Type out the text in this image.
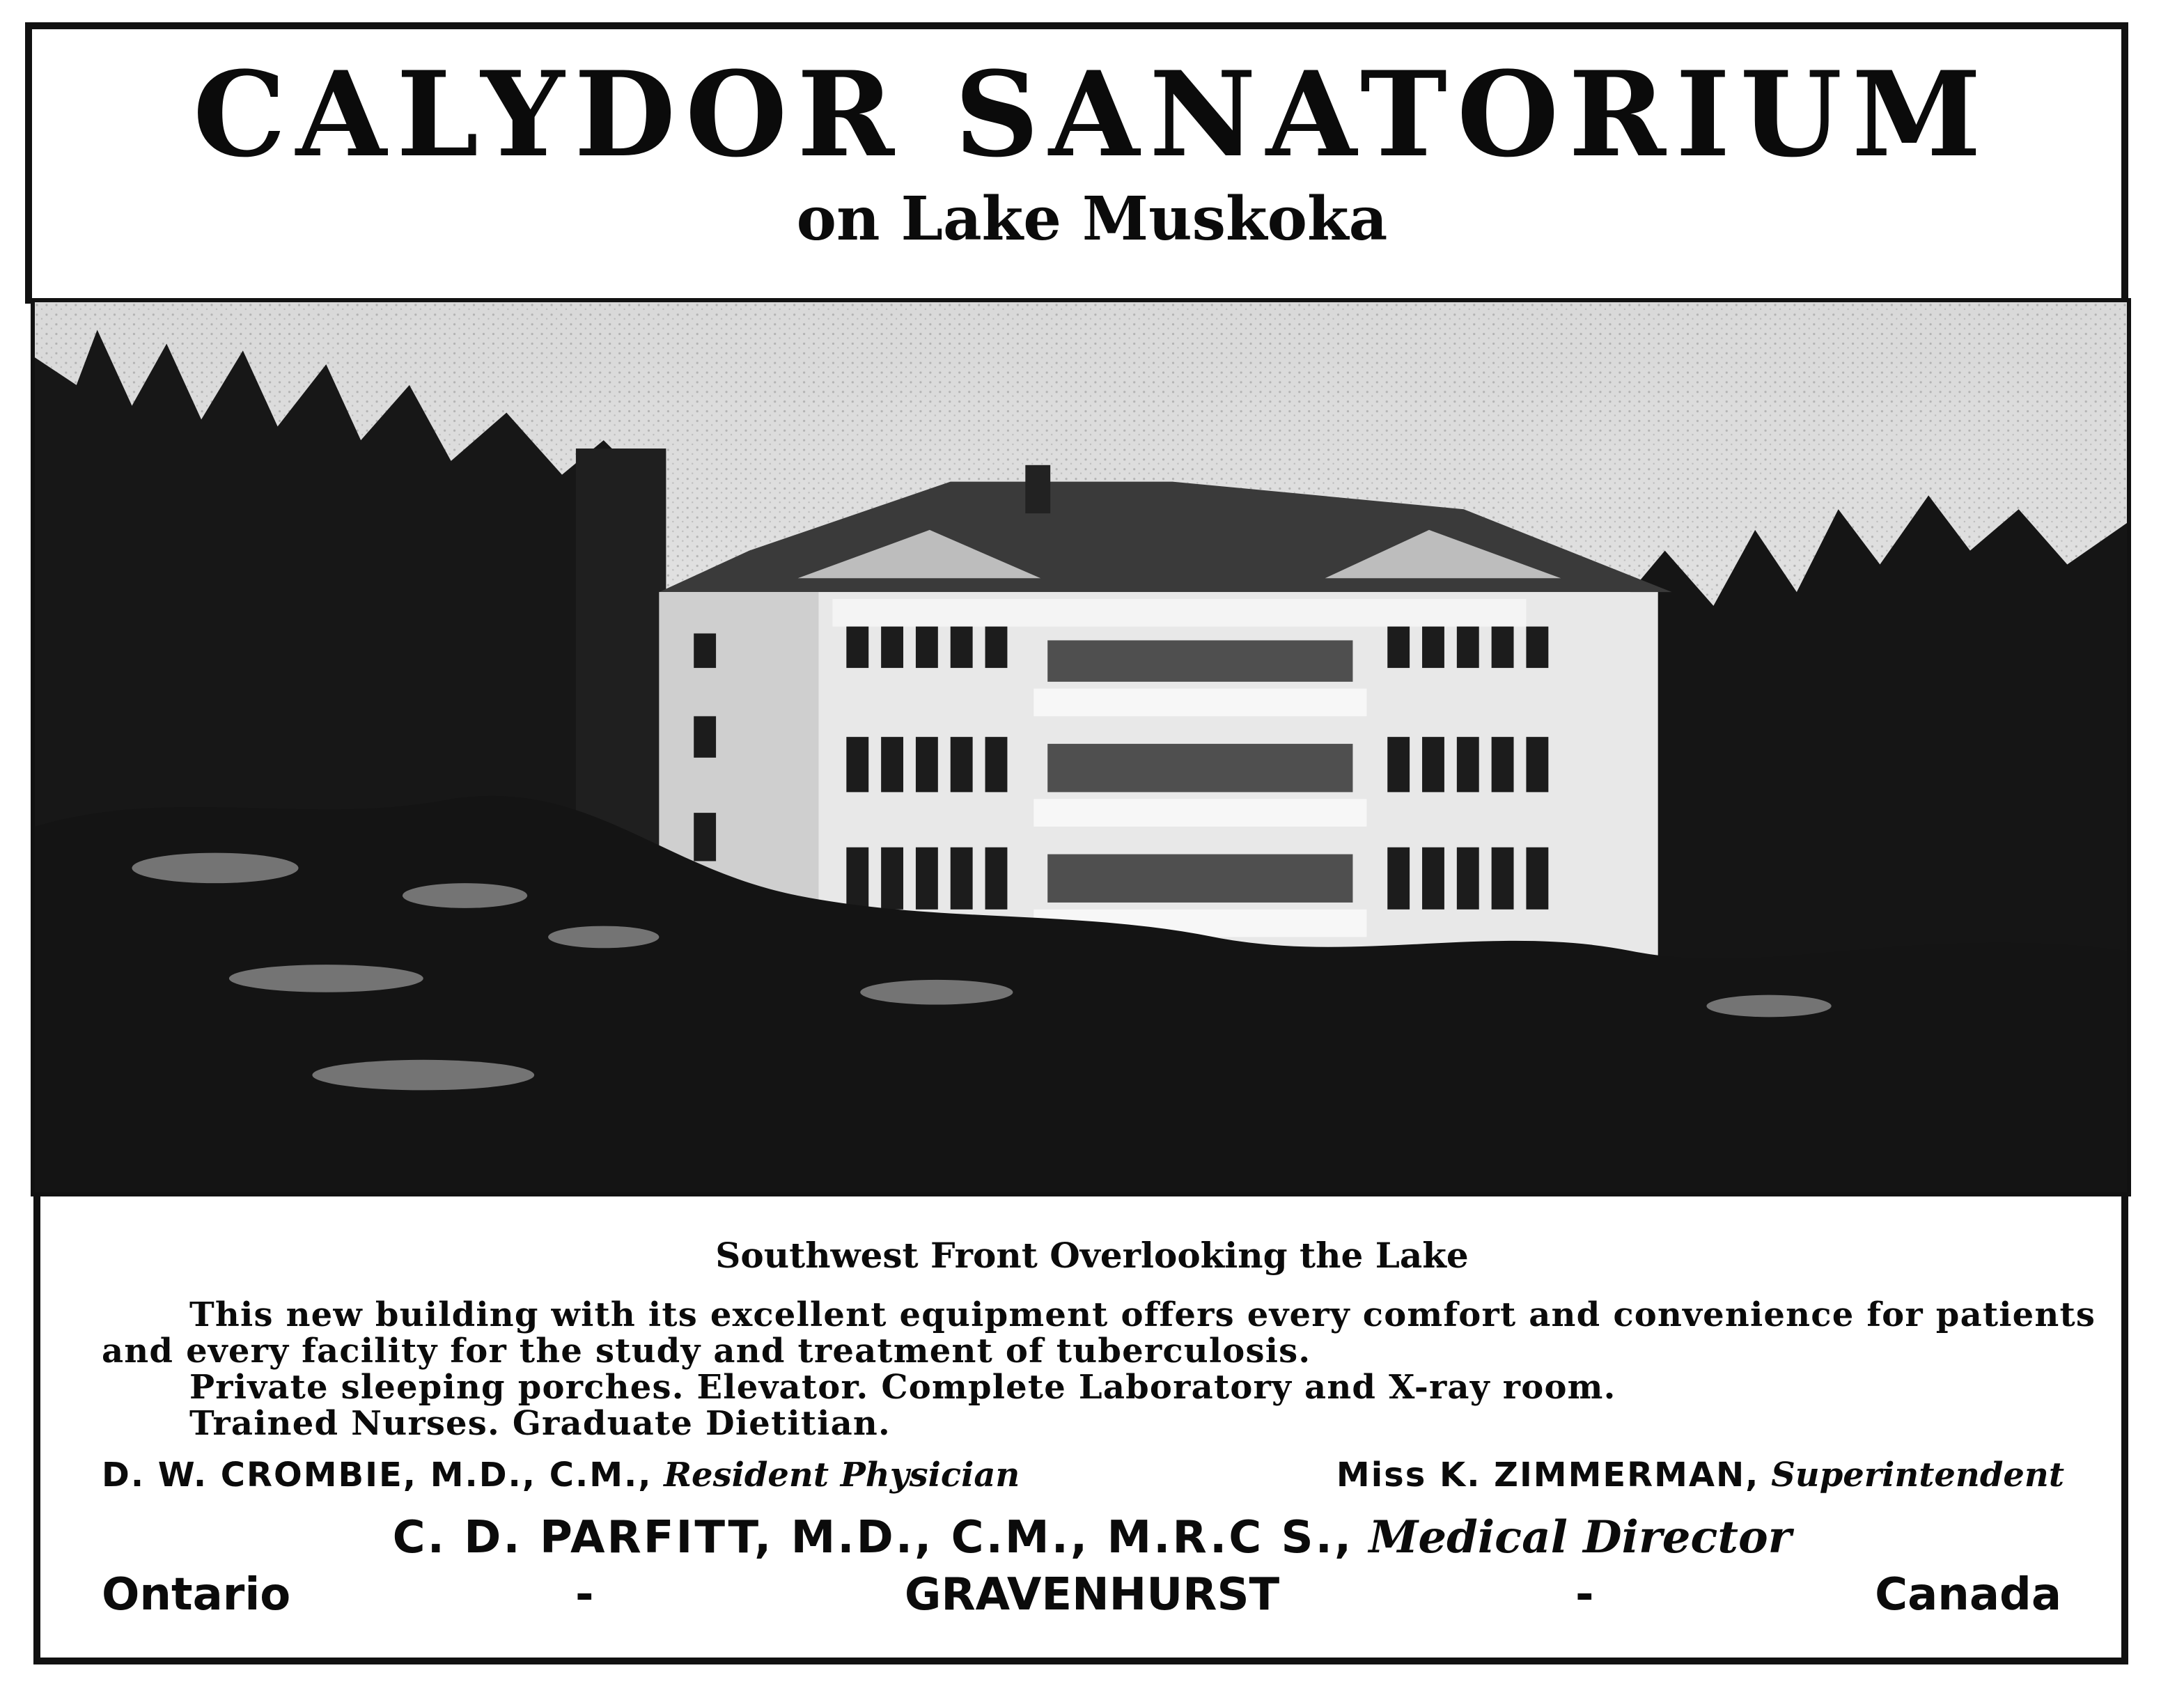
CALYDOR SANATORIUM
on Lake Muskoka
Southwest Front Overlooking the Lake

This new building with its excellent equipment offers every comfort and convenience for patients

and every facility for the study and treatment of tuberculosis.

Private sleeping porches. Elevator. Complete Laboratory and X-ray room.

Trained Nurses. Graduate Dietitian.

D. W. CROMBIE, M.D., C.M., Resident Physician	Miss K. ZIMMERMAN, Superintendent
C. D. PARFITT, M.D., C.M., M.R.C S., Medical Director
Ontario	-	GRAVENHURST	-	Canada
